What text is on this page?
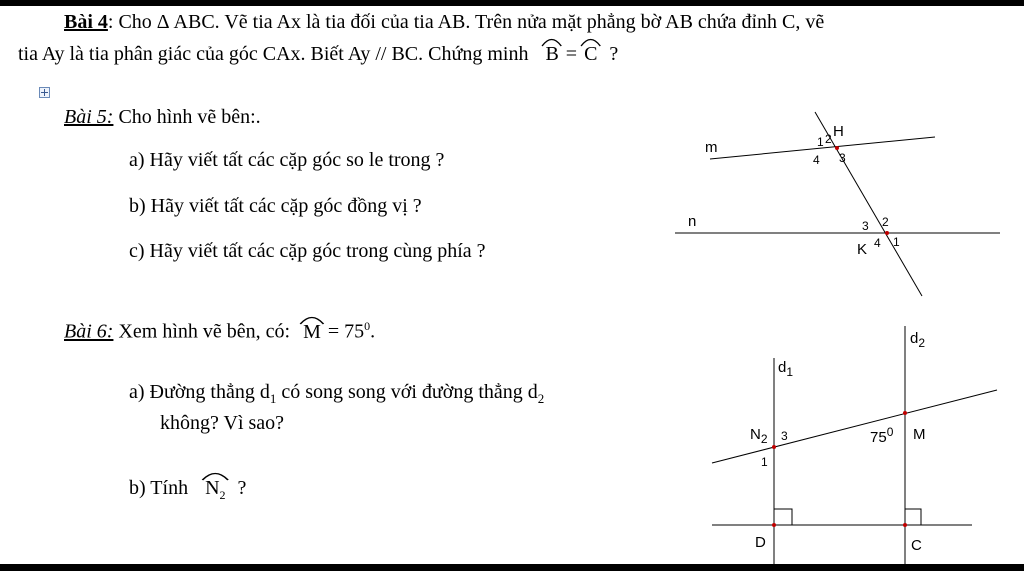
Bài 4: Cho Δ ABC. Vẽ tia Ax là tia đối của tia AB. Trên nửa mặt phẳng bờ AB chứa đỉnh C, vẽ
tia Ay là tia phân giác của góc CAx. Biết Ay // BC. Chứng minh B = C ?
Bài 5: Cho hình vẽ bên:.
a) Hãy viết tất các cặp góc so le trong ?
b) Hãy viết tất các cặp góc đồng vị ?
c) Hãy viết tất các cặp góc trong cùng phía ?
m
n
H
K
1 2
3
4
1
2
3
4
Bài 6: Xem hình vẽ bên, có: $M = 75^0$.
a) Đường thẳng $d_1$ có song song với đường thẳng $d_2$
không? Vì sao?
b) Tính $N_2$ ?
$d_1$
$d_2$
$N_2$ 3
1
$75^0$ M
D	C
